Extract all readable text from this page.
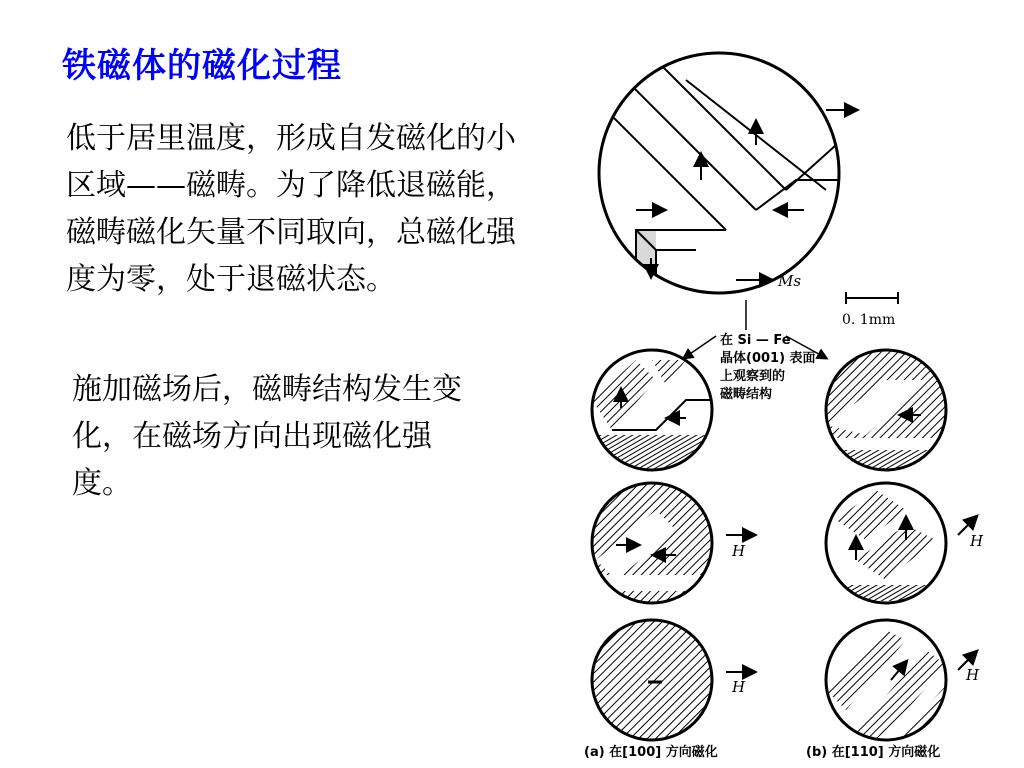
铁磁体的磁化过程
低于居里温度，形成自发磁化的小区域——磁畴。为了降低退磁能，磁畴磁化矢量不同取向，总磁化强度为零，处于退磁状态。
施加磁场后，磁畴结构发生变化，在磁场方向出现磁化强度。
Ms
0. 1mm
在 Si — Fe
晶体(001) 表面
上观察到的
磁畴结构
H
H
H
H
(a) 在[100] 方向磁化	(b) 在[110] 方向磁化
